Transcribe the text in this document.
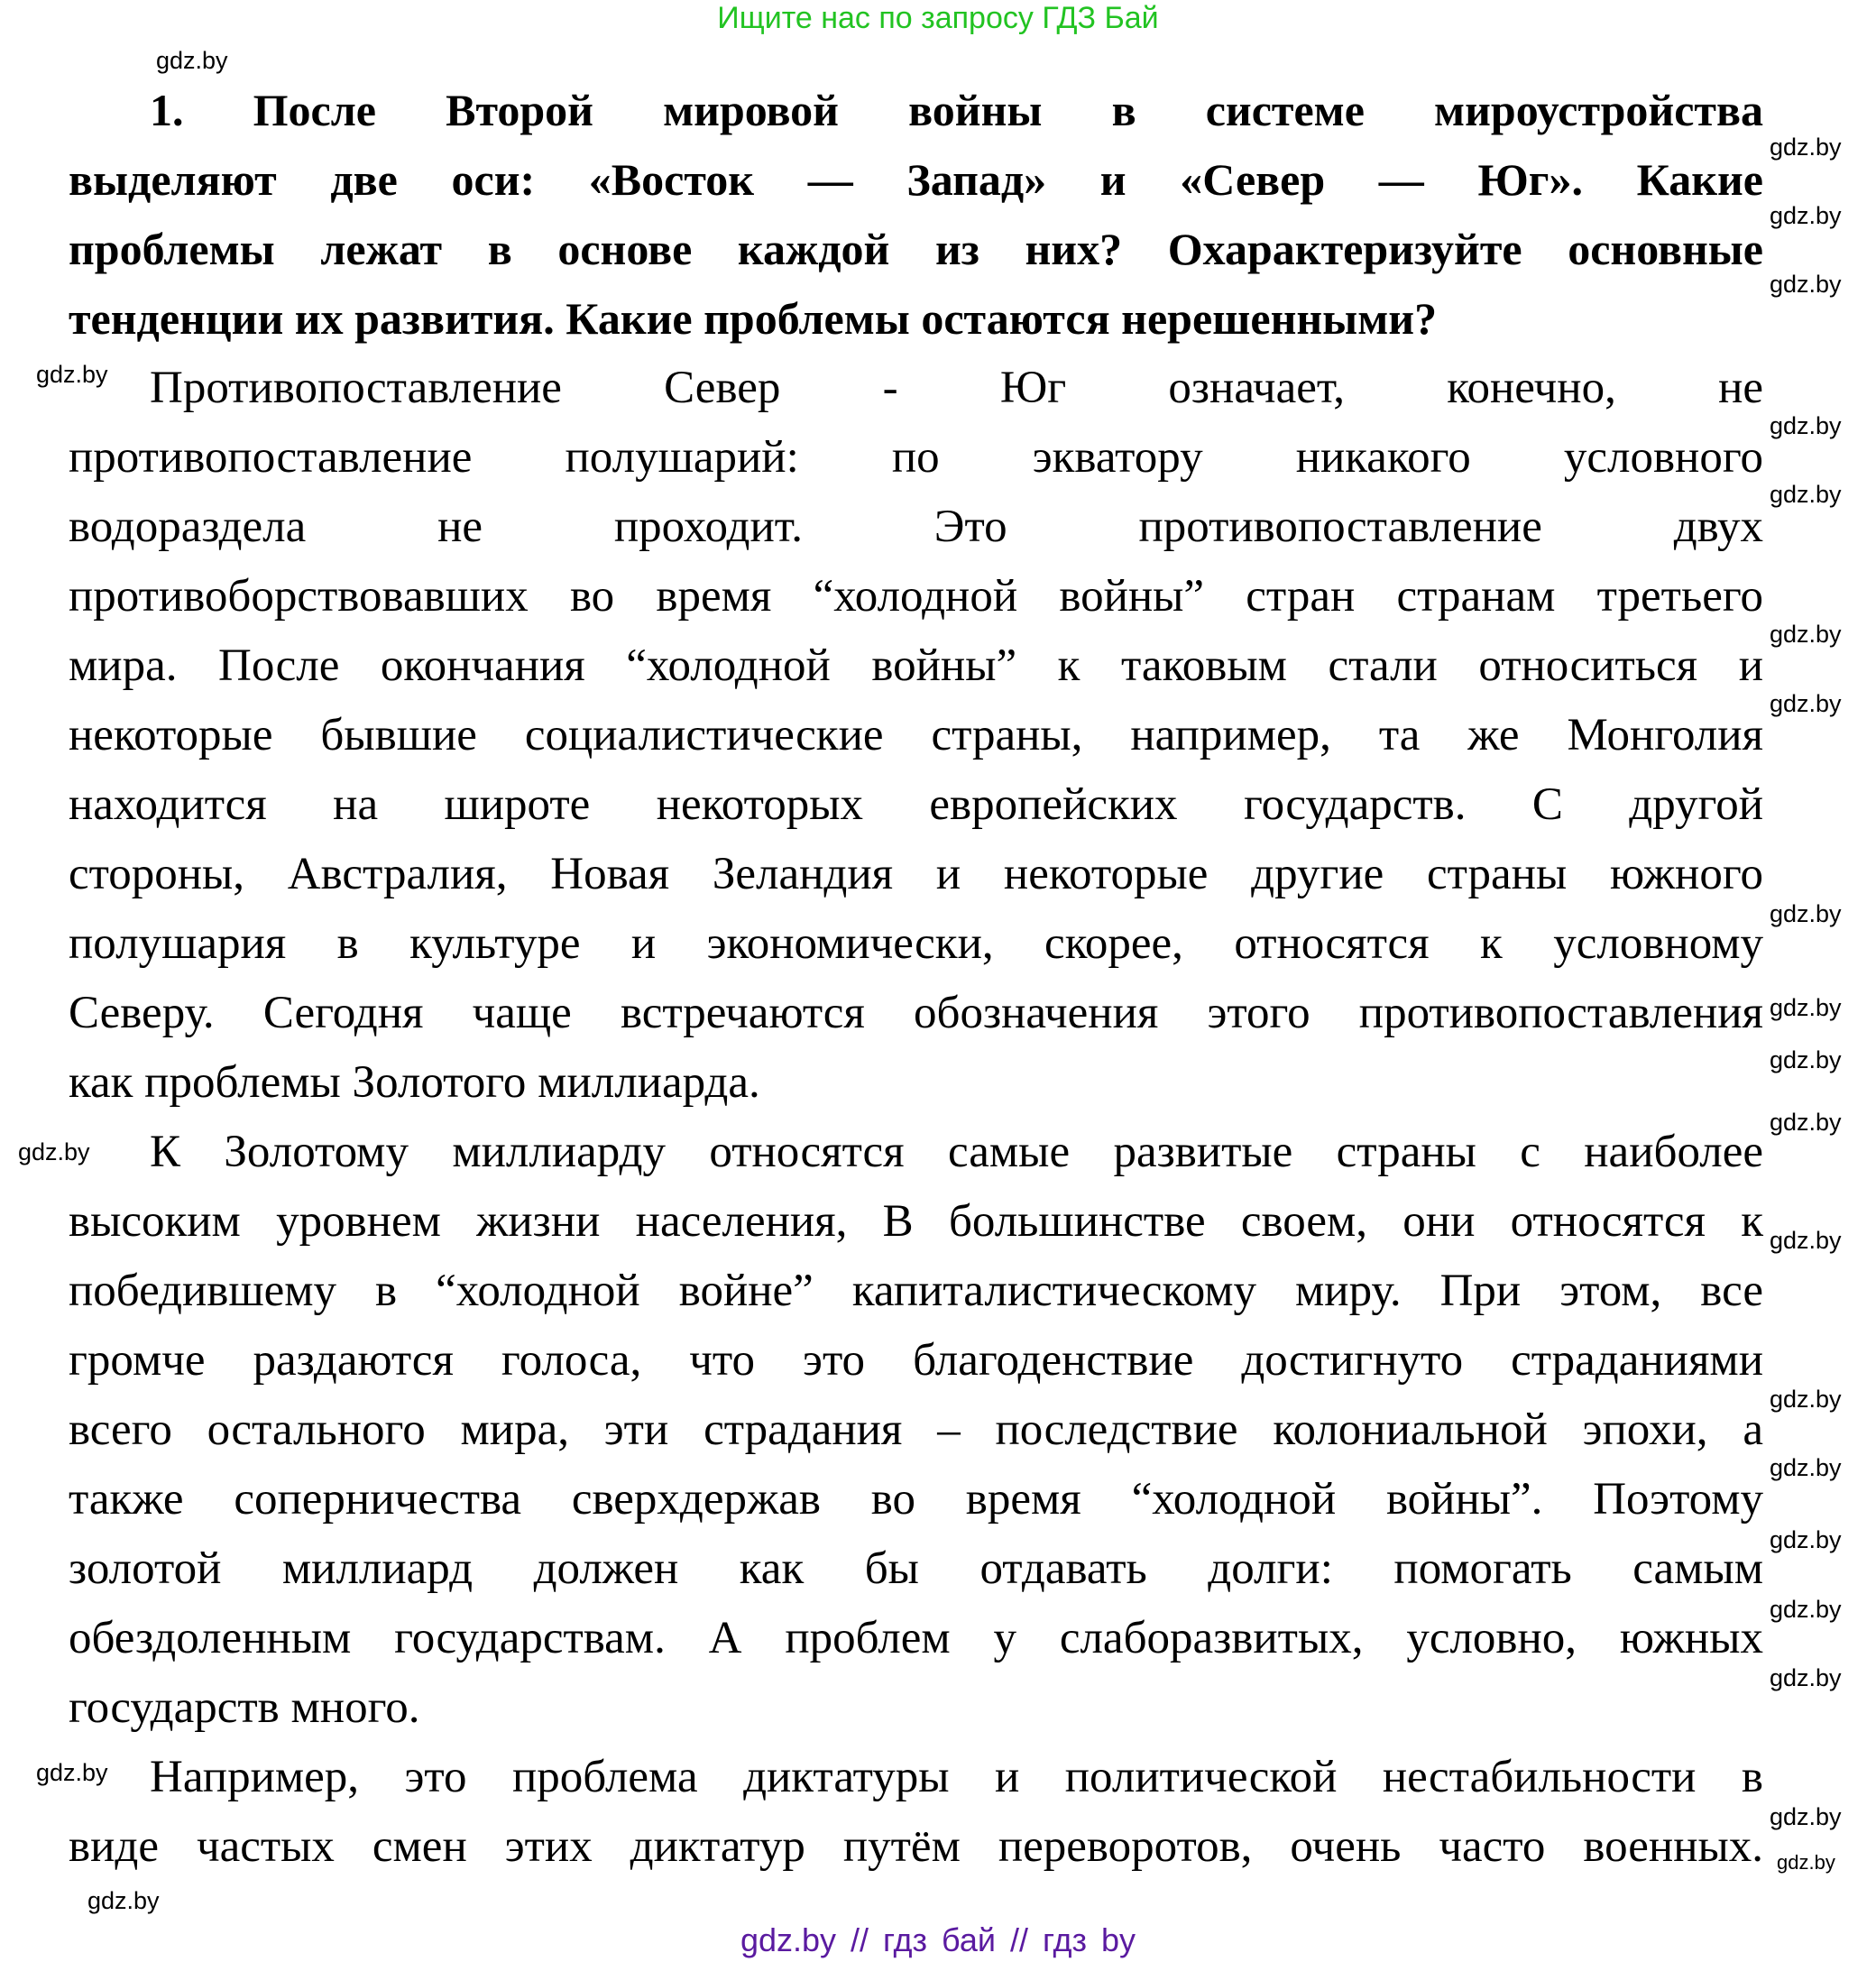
Ищите нас по запросу ГДЗ Бай
1. После Второй мировой войны в системе мироустройства
выделяют две оси: «Восток — Запад» и «Север — Юг». Какие
проблемы лежат в основе каждой из них? Охарактеризуйте основные
тенденции их развития. Какие проблемы остаются нерешенными?
Противопоставление Север - Юг означает, конечно, не
противопоставление полушарий: по экватору никакого условного
водораздела не проходит. Это противопоставление двух
противоборствовавших во время “холодной войны” стран странам третьего
мира. После окончания “холодной войны” к таковым стали относиться и
некоторые бывшие социалистические страны, например, та же Монголия
находится на широте некоторых европейских государств. С другой
стороны, Австралия, Новая Зеландия и некоторые другие страны южного
полушария в культуре и экономически, скорее, относятся к условному
Северу. Сегодня чаще встречаются обозначения этого противопоставления
как проблемы Золотого миллиарда.
К Золотому миллиарду относятся самые развитые страны с наиболее
высоким уровнем жизни населения, В большинстве своем, они относятся к
победившему в “холодной войне” капиталистическому миру. При этом, все
громче раздаются голоса, что это благоденствие достигнуто страданиями
всего остального мира, эти страдания – последствие колониальной эпохи, а
также соперничества сверхдержав во время “холодной войны”. Поэтому
золотой миллиард должен как бы отдавать долги: помогать самым
обездоленным государствам. А проблем у слаборазвитых, условно, южных
государств много.
Например, это проблема диктатуры и политической нестабильности в
виде частых смен этих диктатур путём переворотов, очень часто военных.
gdz.by
gdz.by
gdz.by
gdz.by
gdz.by
gdz.by
gdz.by
gdz.by
gdz.by
gdz.by
gdz.by
gdz.by
gdz.by
gdz.by
gdz.by
gdz.by
gdz.by
gdz.by
gdz.by
gdz.by
gdz.by
gdz.by
gdz.by
gdz.by
gdz.by // гдз бай // гдз by
